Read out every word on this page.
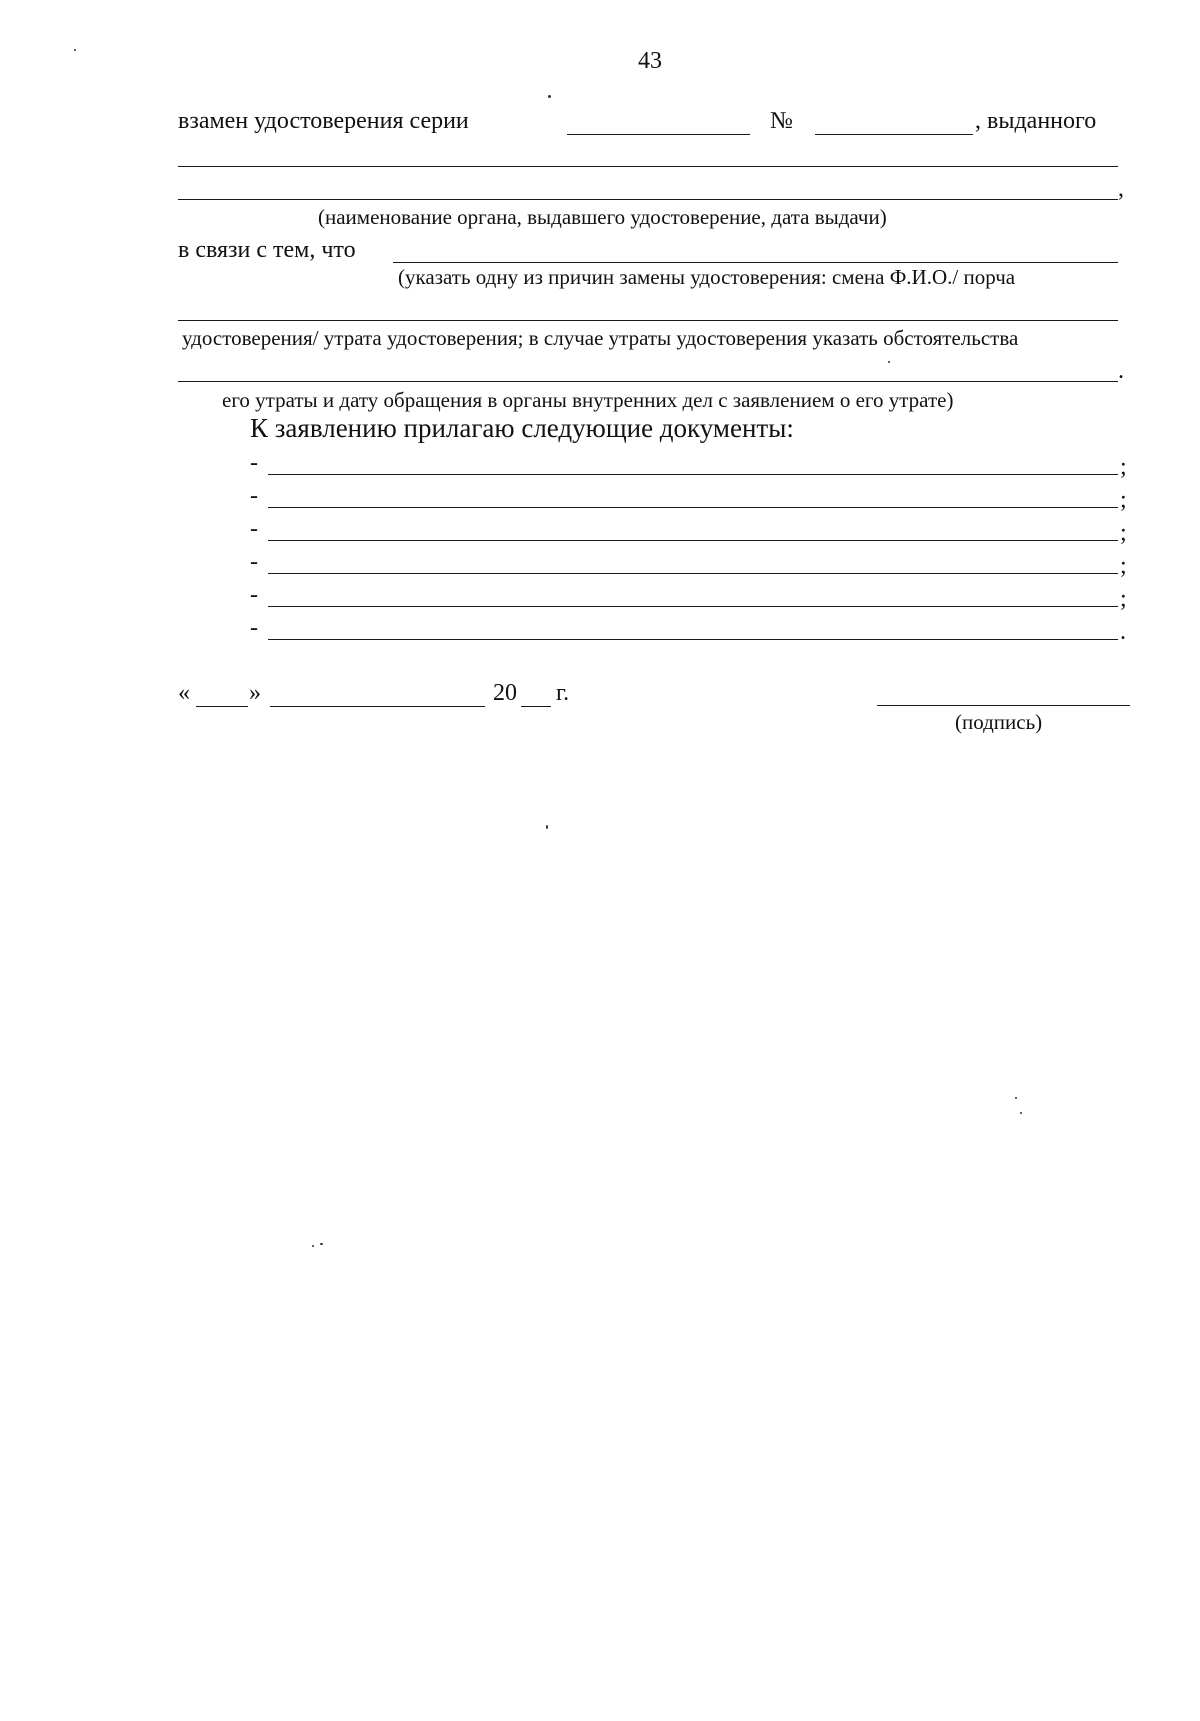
43
взамен удостоверения серии	№	, выданного
,
(наименование органа, выдавшего удостоверение, дата выдачи)
в связи с тем, что
(указать одну из причин замены удостоверения: смена Ф.И.О./ порча
удостоверения/ утрата удостоверения; в случае утраты удостоверения указать обстоятельства
.
его утраты и дату обращения в органы внутренних дел с заявлением о его утрате)
К заявлению прилагаю следующие документы:
-	;
-	;
-	;
-	;
-	;
-	.
« »	20 г.
(подпись)
